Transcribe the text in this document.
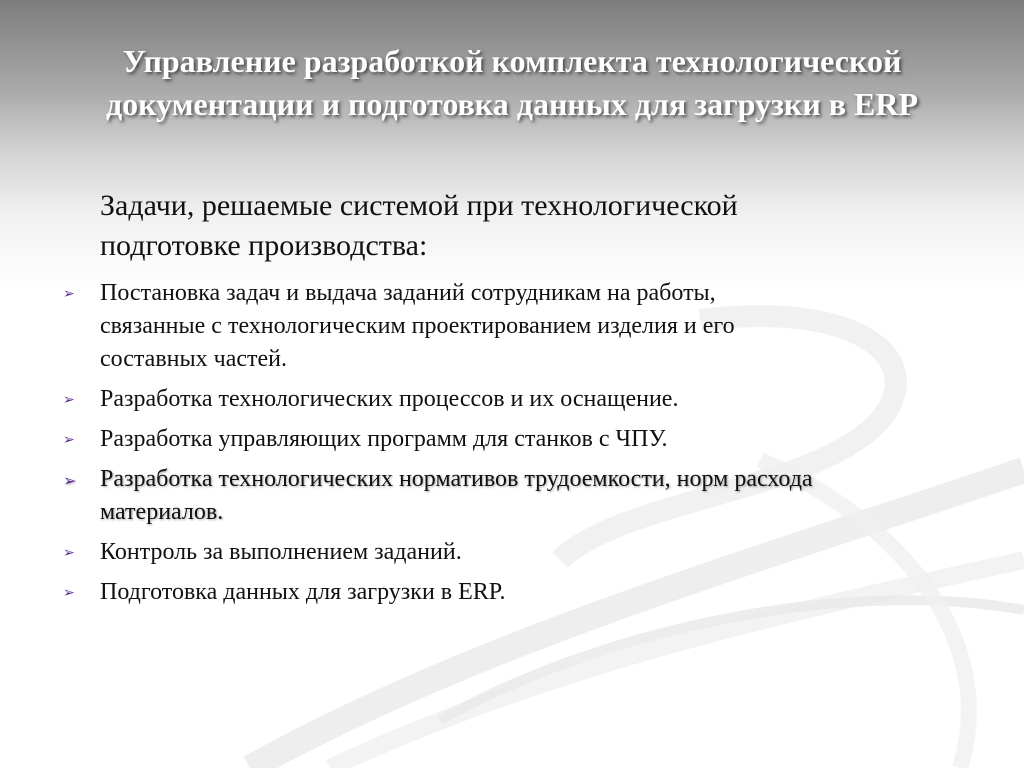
Управление разработкой комплекта технологической
документации и подготовка данных для загрузки в ERP
Задачи, решаемые системой при технологической
подготовке производства:
➢ Постановка задач и выдача заданий сотрудникам на работы,
связанные с технологическим проектированием изделия и его
составных частей.
➢ Разработка технологических процессов и их оснащение.
➢ Разработка управляющих программ для станков с ЧПУ.
➢ Разработка технологических нормативов трудоемкости, норм расхода
материалов.
➢ Контроль за выполнением заданий.
➢ Подготовка данных для загрузки в ERP.
